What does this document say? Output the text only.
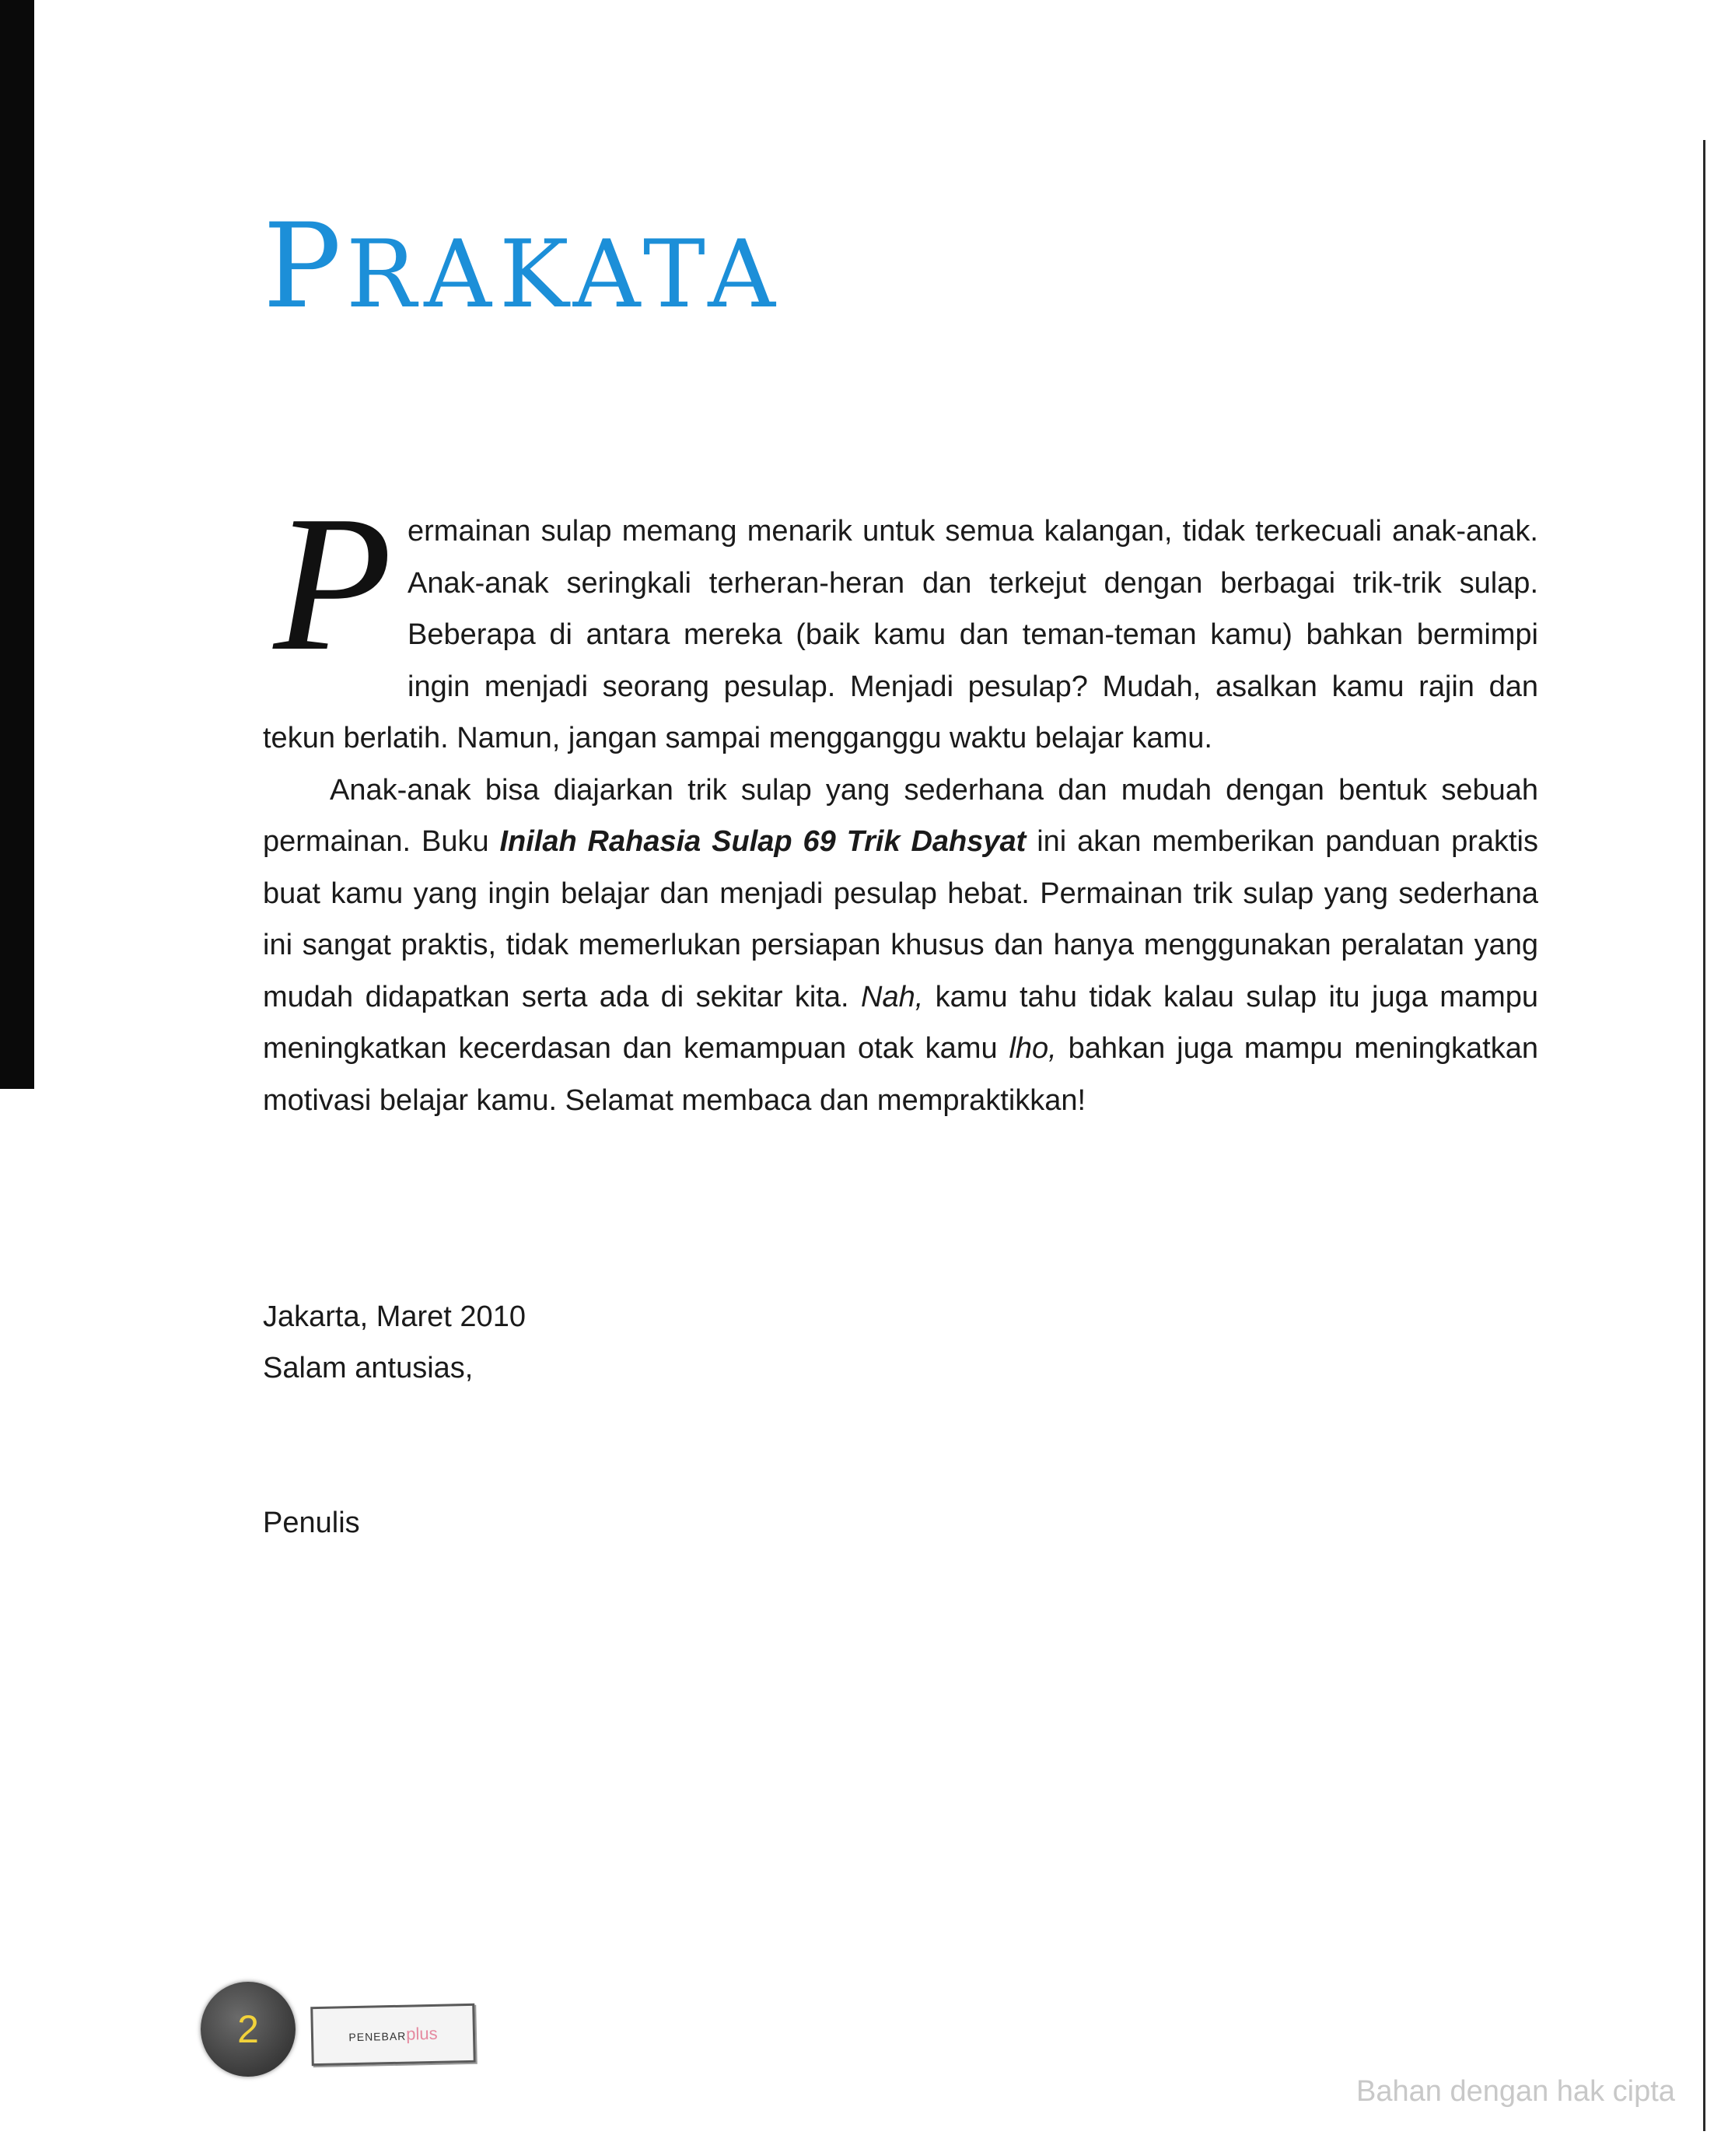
PRAKATA

Permainan sulap memang menarik untuk semua kalangan, tidak terkecuali anak-anak. Anak-anak seringkali terheran-heran dan terkejut dengan berbagai trik-trik sulap. Beberapa di antara mereka (baik kamu dan teman-teman kamu) bahkan bermimpi ingin menjadi seorang pesulap. Menjadi pesulap? Mudah, asalkan kamu rajin dan tekun berlatih. Namun, jangan sampai mengganggu waktu belajar kamu.

Anak-anak bisa diajarkan trik sulap yang sederhana dan mudah dengan bentuk sebuah permainan. Buku Inilah Rahasia Sulap 69 Trik Dahsyat ini akan memberikan panduan praktis buat kamu yang ingin belajar dan menjadi pesulap hebat. Permainan trik sulap yang sederhana ini sangat praktis, tidak memerlukan persiapan khusus dan hanya menggunakan peralatan yang mudah didapatkan serta ada di sekitar kita. Nah, kamu tahu tidak kalau sulap itu juga mampu meningkatkan kecerdasan dan kemampuan otak kamu lho, bahkan juga mampu meningkatkan motivasi belajar kamu. Selamat membaca dan mempraktikkan!

Jakarta, Maret 2010
Salam antusias,
Penulis
2	PENEBARplus
Bahan dengan hak cipta
